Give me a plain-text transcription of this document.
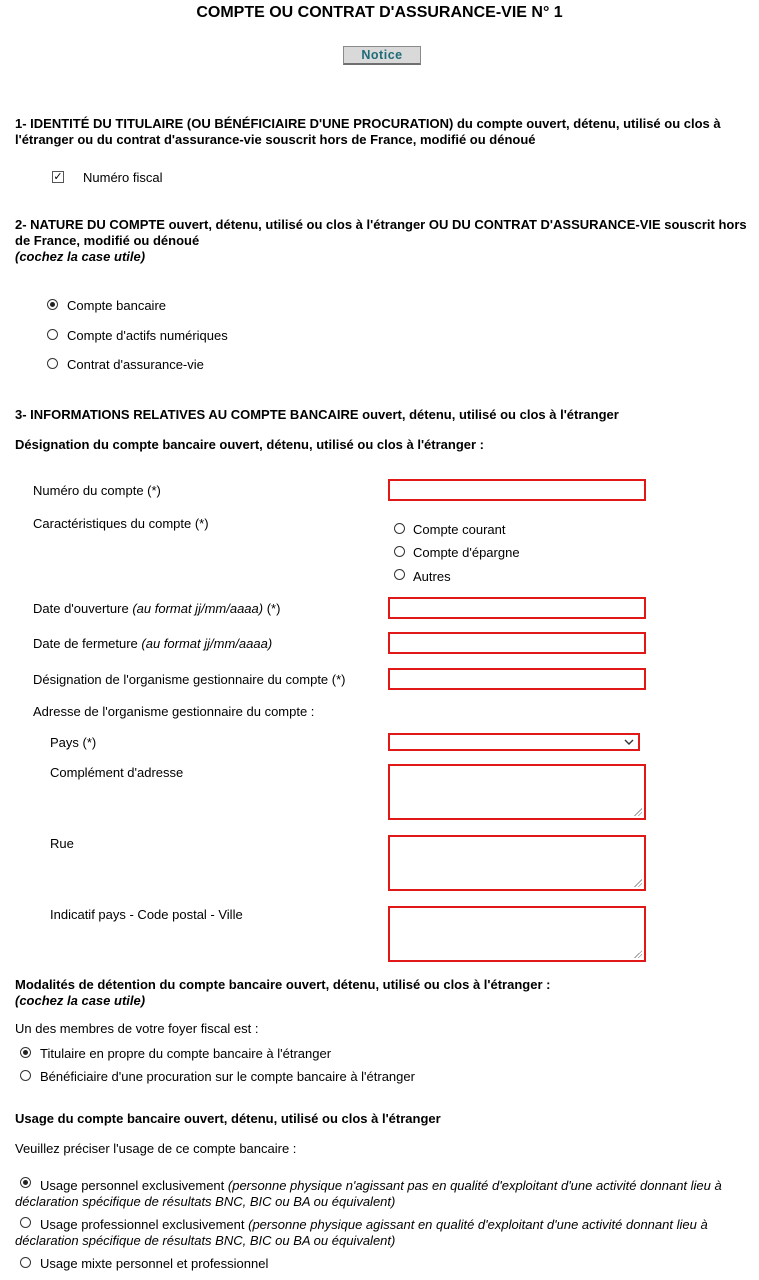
COMPTE OU CONTRAT D'ASSURANCE-VIE N° 1
Notice
1- IDENTITÉ DU TITULAIRE (OU BÉNÉFICIAIRE D'UNE PROCURATION) du compte ouvert, détenu, utilisé ou clos à l'étranger ou du contrat d'assurance-vie souscrit hors de France, modifié ou dénoué
✓ Numéro fiscal
2- NATURE DU COMPTE ouvert, détenu, utilisé ou clos à l'étranger OU DU CONTRAT D'ASSURANCE-VIE souscrit hors de France, modifié ou dénoué
(cochez la case utile)
Compte bancaire
Compte d'actifs numériques
Contrat d'assurance-vie
3- INFORMATIONS RELATIVES AU COMPTE BANCAIRE ouvert, détenu, utilisé ou clos à l'étranger
Désignation du compte bancaire ouvert, détenu, utilisé ou clos à l'étranger :
Numéro du compte (*)
Caractéristiques du compte (*)	Compte courant
Compte d'épargne
Autres
Date d'ouverture (au format jj/mm/aaaa) (*)
Date de fermeture (au format jj/mm/aaaa)
Désignation de l'organisme gestionnaire du compte (*)
Adresse de l'organisme gestionnaire du compte :
Pays (*)
Complément d'adresse
Rue
Indicatif pays - Code postal - Ville
Modalités de détention du compte bancaire ouvert, détenu, utilisé ou clos à l'étranger :
(cochez la case utile)
Un des membres de votre foyer fiscal est :
Titulaire en propre du compte bancaire à l'étranger
Bénéficiaire d'une procuration sur le compte bancaire à l'étranger
Usage du compte bancaire ouvert, détenu, utilisé ou clos à l'étranger
Veuillez préciser l'usage de ce compte bancaire :
Usage personnel exclusivement (personne physique n'agissant pas en qualité d'exploitant d'une activité donnant lieu à déclaration spécifique de résultats BNC, BIC ou BA ou équivalent)
Usage professionnel exclusivement (personne physique agissant en qualité d'exploitant d'une activité donnant lieu à déclaration spécifique de résultats BNC, BIC ou BA ou équivalent)
Usage mixte personnel et professionnel
